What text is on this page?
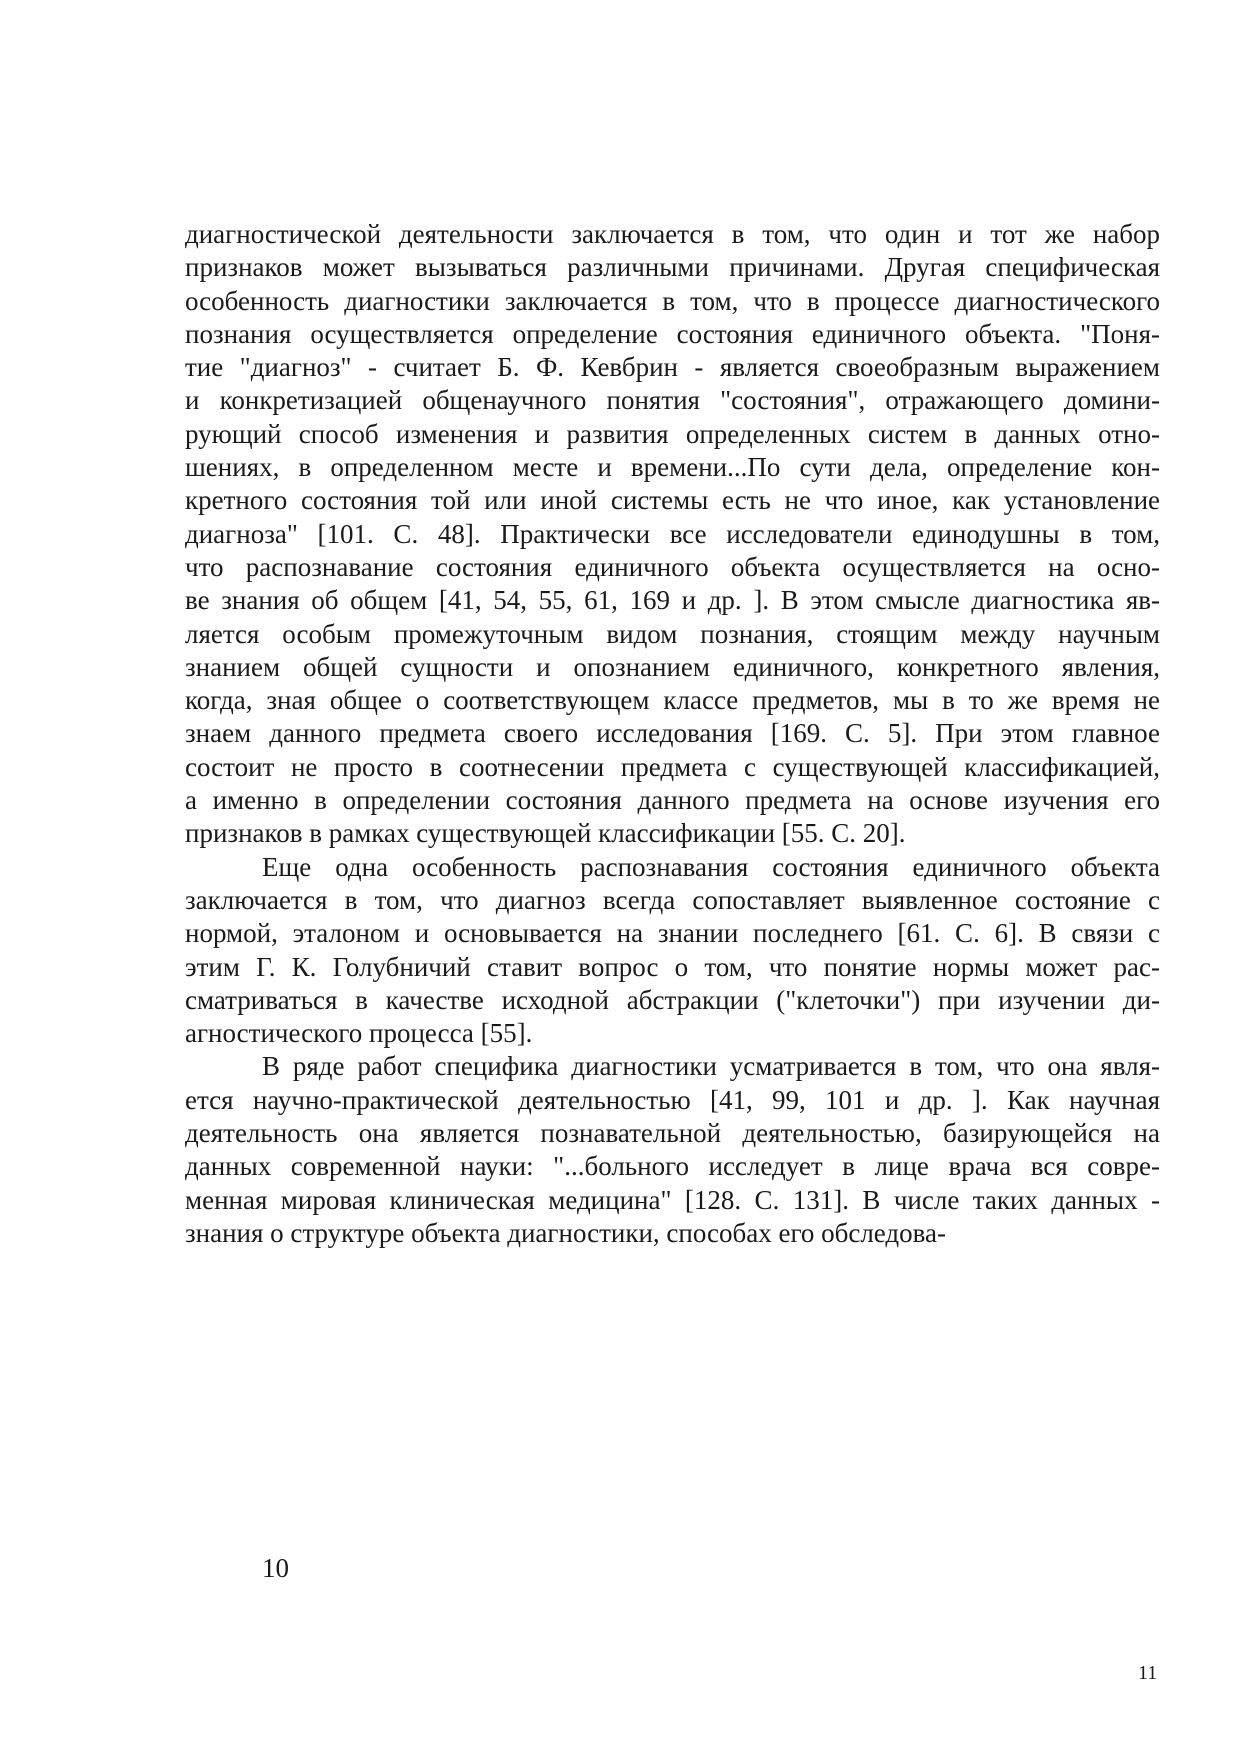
диагностической деятельности заключается в том, что один и тот же набор
признаков может вызываться различными причинами. Другая специфическая
особенность диагностики заключается в том, что в процессе диагностического
познания осуществляется определение состояния единичного объекта. "Поня-
тие "диагноз" - считает Б. Ф. Кевбрин - является своеобразным выражением
и конкретизацией общенаучного понятия "состояния", отражающего домини-
рующий способ изменения и развития определенных систем в данных отно-
шениях, в определенном месте и времени...По сути дела, определение кон-
кретного состояния той или иной системы есть не что иное, как установление
диагноза" [101. С. 48]. Практически все исследователи единодушны в том,
что распознавание состояния единичного объекта осуществляется на осно-
ве знания об общем [41, 54, 55, 61, 169 и др. ]. В этом смысле диагностика яв-
ляется особым промежуточным видом познания, стоящим между научным
знанием общей сущности и опознанием единичного, конкретного явления,
когда, зная общее о соответствующем классе предметов, мы в то же время не
знаем данного предмета своего исследования [169. С. 5]. При этом главное
состоит не просто в соотнесении предмета с существующей классификацией,
а именно в определении состояния данного предмета на основе изучения его
признаков в рамках существующей классификации [55. С. 20].
Еще одна особенность распознавания состояния единичного объекта
заключается в том, что диагноз всегда сопоставляет выявленное состояние с
нормой, эталоном и основывается на знании последнего [61. С. 6]. В связи с
этим Г. К. Голубничий ставит вопрос о том, что понятие нормы может рас-
сматриваться в качестве исходной абстракции ("клеточки") при изучении ди-
агностического процесса [55].
В ряде работ специфика диагностики усматривается в том, что она явля-
ется научно-практической деятельностью [41, 99, 101 и др. ]. Как научная
деятельность она является познавательной деятельностью, базирующейся на
данных современной науки: "...больного исследует в лице врача вся совре-
менная мировая клиническая медицина" [128. С. 131]. В числе таких данных -
знания о структуре объекта диагностики, способах его обследова-
10
11
